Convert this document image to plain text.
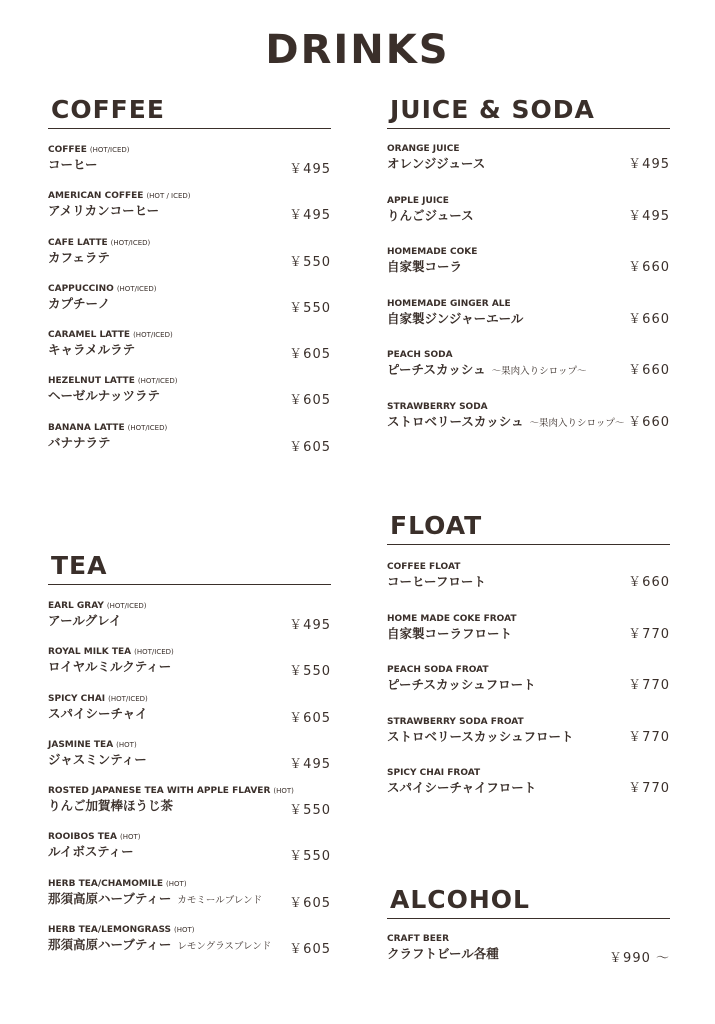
DRINKS
COFFEE
COFFEE (HOT/ICED)
コーヒー	￥495
AMERICAN COFFEE (HOT / ICED)
アメリカンコーヒー	￥495
CAFE LATTE (HOT/ICED)
カフェラテ	￥550
CAPPUCCINO (HOT/ICED)
カプチーノ	￥550
CARAMEL LATTE (HOT/ICED)
キャラメルラテ	￥605
HEZELNUT LATTE (HOT/ICED)
ヘーゼルナッツラテ	￥605
BANANA LATTE (HOT/ICED)
バナナラテ	￥605
TEA
EARL GRAY (HOT/ICED)
アールグレイ	￥495
ROYAL MILK TEA (HOT/ICED)
ロイヤルミルクティー	￥550
SPICY CHAI (HOT/ICED)
スパイシーチャイ	￥605
JASMINE TEA (HOT)
ジャスミンティー	￥495
ROSTED JAPANESE TEA WITH APPLE FLAVER (HOT)
りんご加賀棒ほうじ茶	￥550
ROOIBOS TEA (HOT)
ルイボスティー	￥550
HERB TEA/CHAMOMILE (HOT)
那須高原ハーブティー カモミールブレンド	￥605
HERB TEA/LEMONGRASS (HOT)
那須高原ハーブティー レモングラスブレンド	￥605
JUICE & SODA
ORANGE JUICE
オレンジジュース	￥495
APPLE JUICE
りんごジュース	￥495
HOMEMADE COKE
自家製コーラ	￥660
HOMEMADE GINGER ALE
自家製ジンジャーエール	￥660
PEACH SODA
ピーチスカッシュ ～果肉入りシロップ～	￥660
STRAWBERRY SODA
ストロベリースカッシュ ～果肉入りシロップ～ ￥660
FLOAT
COFFEE FLOAT
コーヒーフロート	￥660
HOME MADE COKE FROAT
自家製コーラフロート	￥770
PEACH SODA FROAT
ピーチスカッシュフロート	￥770
STRAWBERRY SODA FROAT
ストロベリースカッシュフロート	￥770
SPICY CHAI FROAT
スパイシーチャイフロート	￥770
ALCOHOL
CRAFT BEER
クラフトビール各種	￥990 ～
